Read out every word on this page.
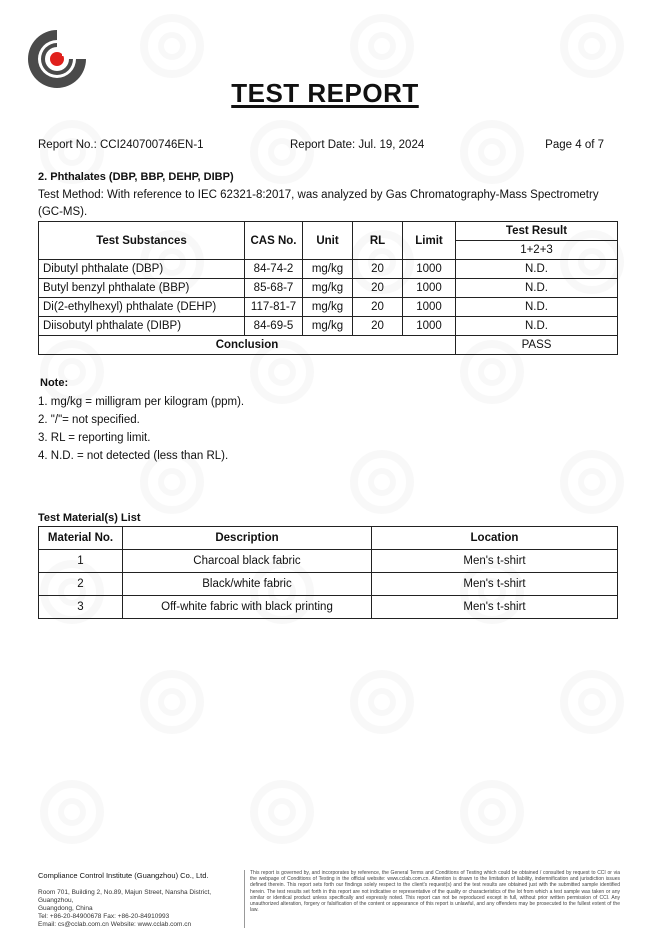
TEST REPORT
Report No.: CCI240700746EN-1	Report Date: Jul. 19, 2024	Page 4 of 7
2. Phthalates (DBP, BBP, DEHP, DIBP)
Test Method: With reference to IEC 62321-8:2017, was analyzed by Gas Chromatography-Mass Spectrometry (GC-MS).
Test Substances	CAS No.	Unit	RL	Limit	Test Result
					1+2+3
Dibutyl phthalate (DBP)	84-74-2	mg/kg	20	1000	N.D.
Butyl benzyl phthalate (BBP)	85-68-7	mg/kg	20	1000	N.D.
Di(2-ethylhexyl) phthalate (DEHP)	117-81-7	mg/kg	20	1000	N.D.
Diisobutyl phthalate (DIBP)	84-69-5	mg/kg	20	1000	N.D.
Conclusion					PASS
Note:
1. mg/kg = milligram per kilogram (ppm).
2. "/"= not specified.
3. RL = reporting limit.
4. N.D. = not detected (less than RL).
Test Material(s) List
Material No.	Description	Location
1	Charcoal black fabric	Men's t-shirt
2	Black/white fabric	Men's t-shirt
3	Off-white fabric with black printing	Men's t-shirt
Compliance Control Institute (Guangzhou) Co., Ltd.
Room 701, Building 2, No.89, Majun Street, Nansha District, Guangzhou,
Guangdong, China
Tel: +86-20-84900678 Fax: +86-20-84910993
Email: cs@cclab.com.cn Website: www.cclab.com.cn
This report is governed by, and incorporates by reference, the General Terms and Conditions of Testing which could be obtained / consulted by request to CCI or via the webpage of Conditions of Testing in the official website: www.cclab.com.cn. Attention is drawn to the limitation of liability, indemnification and jurisdiction issues defined therein. This report sets forth our findings solely respect to the client's request(s) and the test results are obtained just with the submitted sample identified herein. The test results set forth in this report are not indicative or representative of the quality or characteristics of the lot from which a test sample was taken or any similar or identical product unless specifically and expressly noted. This report can not be reproduced except in full, without prior written permission of CCI. Any unauthorized alteration, forgery or falsification of the content or appearance of this report is unlawful, and any offenders may be prosecuted to the fullest extent of the law.
